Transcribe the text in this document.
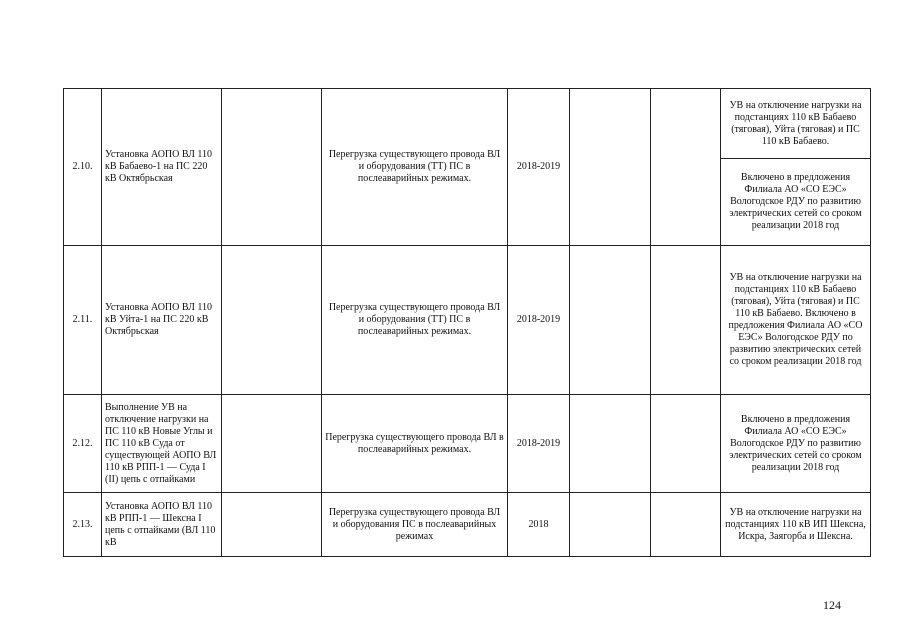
2.10.	Установка АОПО ВЛ 110 кВ Бабаево-1 на ПС 220 кВ Октябрьская		Перегрузка существующего провода ВЛ и оборудования (ТТ) ПС в послеаварийных режимах.	2018-2019			УВ на отключение нагрузки на подстанциях 110 кВ Бабаево (тяговая), Уйта (тяговая) и ПС 110 кВ Бабаево.
							Включено в предложения Филиала АО «СО ЕЭС» Вологодское РДУ по развитию электрических сетей со сроком реализации 2018 год
2.11.	Установка АОПО ВЛ 110 кВ Уйта-1 на ПС 220 кВ Октябрьская		Перегрузка существующего провода ВЛ и оборудования (ТТ) ПС в послеаварийных режимах.	2018-2019			УВ на отключение нагрузки на подстанциях 110 кВ Бабаево (тяговая), Уйта (тяговая) и ПС 110 кВ Бабаево. Включено в предложения Филиала АО «СО ЕЭС» Вологодское РДУ по развитию электрических сетей со сроком реализации 2018 год
2.12.	Выполнение УВ на отключение нагрузки на ПС 110 кВ Новые Углы и ПС 110 кВ Суда от существующей АОПО ВЛ 110 кВ РПП-1 — Суда I (II) цепь с отпайками		Перегрузка существующего провода ВЛ в послеаварийных режимах.	2018-2019			Включено в предложения Филиала АО «СО ЕЭС» Вологодское РДУ по развитию электрических сетей со сроком реализации 2018 год
2.13.	Установка АОПО ВЛ 110 кВ РПП-1 — Шексна I цепь с отпайками (ВЛ 110 кВ		Перегрузка существующего провода ВЛ и оборудования ПС в послеаварийных режимах	2018			УВ на отключение нагрузки на подстанциях 110 кВ ИП Шексна, Искра, Заягорба и Шексна.
124
